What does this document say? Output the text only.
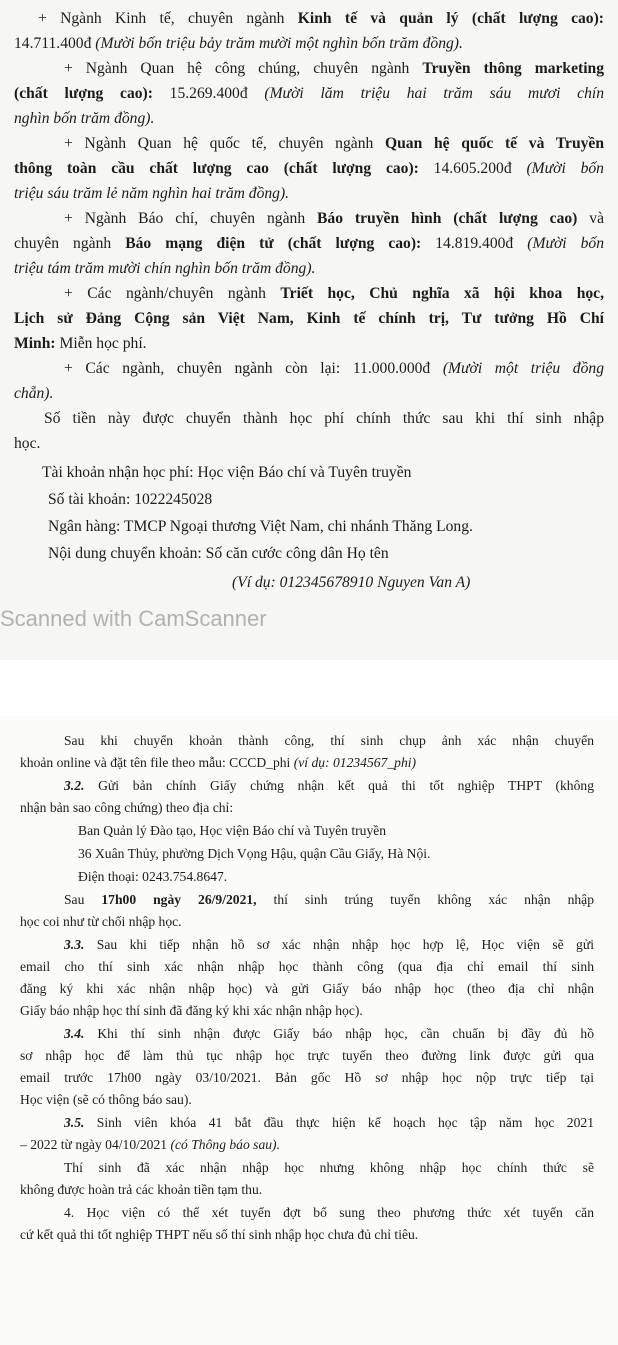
+ Ngành Kinh tế, chuyên ngành Kinh tế và quản lý (chất lượng cao):
14.711.400đ (Mười bốn triệu bảy trăm mười một nghìn bốn trăm đồng).
+ Ngành Quan hệ công chúng, chuyên ngành Truyền thông marketing
(chất lượng cao): 15.269.400đ (Mười lăm triệu hai trăm sáu mươi chín
nghìn bốn trăm đồng).
+ Ngành Quan hệ quốc tế, chuyên ngành Quan hệ quốc tế và Truyền
thông toàn cầu chất lượng cao (chất lượng cao): 14.605.200đ (Mười bốn
triệu sáu trăm lẻ năm nghìn hai trăm đồng).
+ Ngành Báo chí, chuyên ngành Báo truyền hình (chất lượng cao) và
chuyên ngành Báo mạng điện tử (chất lượng cao): 14.819.400đ (Mười bốn
triệu tám trăm mười chín nghìn bốn trăm đồng).
+ Các ngành/chuyên ngành Triết học, Chủ nghĩa xã hội khoa học,
Lịch sử Đảng Cộng sản Việt Nam, Kinh tế chính trị, Tư tưởng Hồ Chí
Minh: Miễn học phí.
+ Các ngành, chuyên ngành còn lại: 11.000.000đ (Mười một triệu đồng
chẵn).
Số tiền này được chuyển thành học phí chính thức sau khi thí sinh nhập
học.
Tài khoản nhận học phí: Học viện Báo chí và Tuyên truyền
Số tài khoản: 1022245028
Ngân hàng: TMCP Ngoại thương Việt Nam, chi nhánh Thăng Long.
Nội dung chuyển khoản: Số căn cước công dân Họ tên
(Ví dụ: 012345678910 Nguyen Van A)
Scanned with CamScanner
Sau khi chuyển khoản thành công, thí sinh chụp ảnh xác nhận chuyển
khoản online và đặt tên file theo mẫu: CCCD_phi (ví dụ: 01234567_phi)
3.2. Gửi bản chính Giấy chứng nhận kết quả thi tốt nghiệp THPT (không
nhận bản sao công chứng) theo địa chỉ:
Ban Quản lý Đào tạo, Học viện Báo chí và Tuyên truyền
36 Xuân Thủy, phường Dịch Vọng Hậu, quận Cầu Giấy, Hà Nội.
Điện thoại: 0243.754.8647.
Sau 17h00 ngày 26/9/2021, thí sinh trúng tuyển không xác nhận nhập
học coi như từ chối nhập học.
3.3. Sau khi tiếp nhận hồ sơ xác nhận nhập học hợp lệ, Học viện sẽ gửi
email cho thí sinh xác nhận nhập học thành công (qua địa chỉ email thí sinh
đăng ký khi xác nhận nhập học) và gửi Giấy báo nhập học (theo địa chỉ nhận
Giấy báo nhập học thí sinh đã đăng ký khi xác nhận nhập học).
3.4. Khi thí sinh nhận được Giấy báo nhập học, cần chuẩn bị đầy đủ hồ
sơ nhập học để làm thủ tục nhập học trực tuyến theo đường link được gửi qua
email trước 17h00 ngày 03/10/2021. Bản gốc Hồ sơ nhập học nộp trực tiếp tại
Học viện (sẽ có thông báo sau).
3.5. Sinh viên khóa 41 bắt đầu thực hiện kế hoạch học tập năm học 2021
– 2022 từ ngày 04/10/2021 (có Thông báo sau).
Thí sinh đã xác nhận nhập học nhưng không nhập học chính thức sẽ
không được hoàn trả các khoản tiền tạm thu.
4. Học viện có thể xét tuyển đợt bổ sung theo phương thức xét tuyển căn
cứ kết quả thi tốt nghiệp THPT nếu số thí sinh nhập học chưa đủ chỉ tiêu.
